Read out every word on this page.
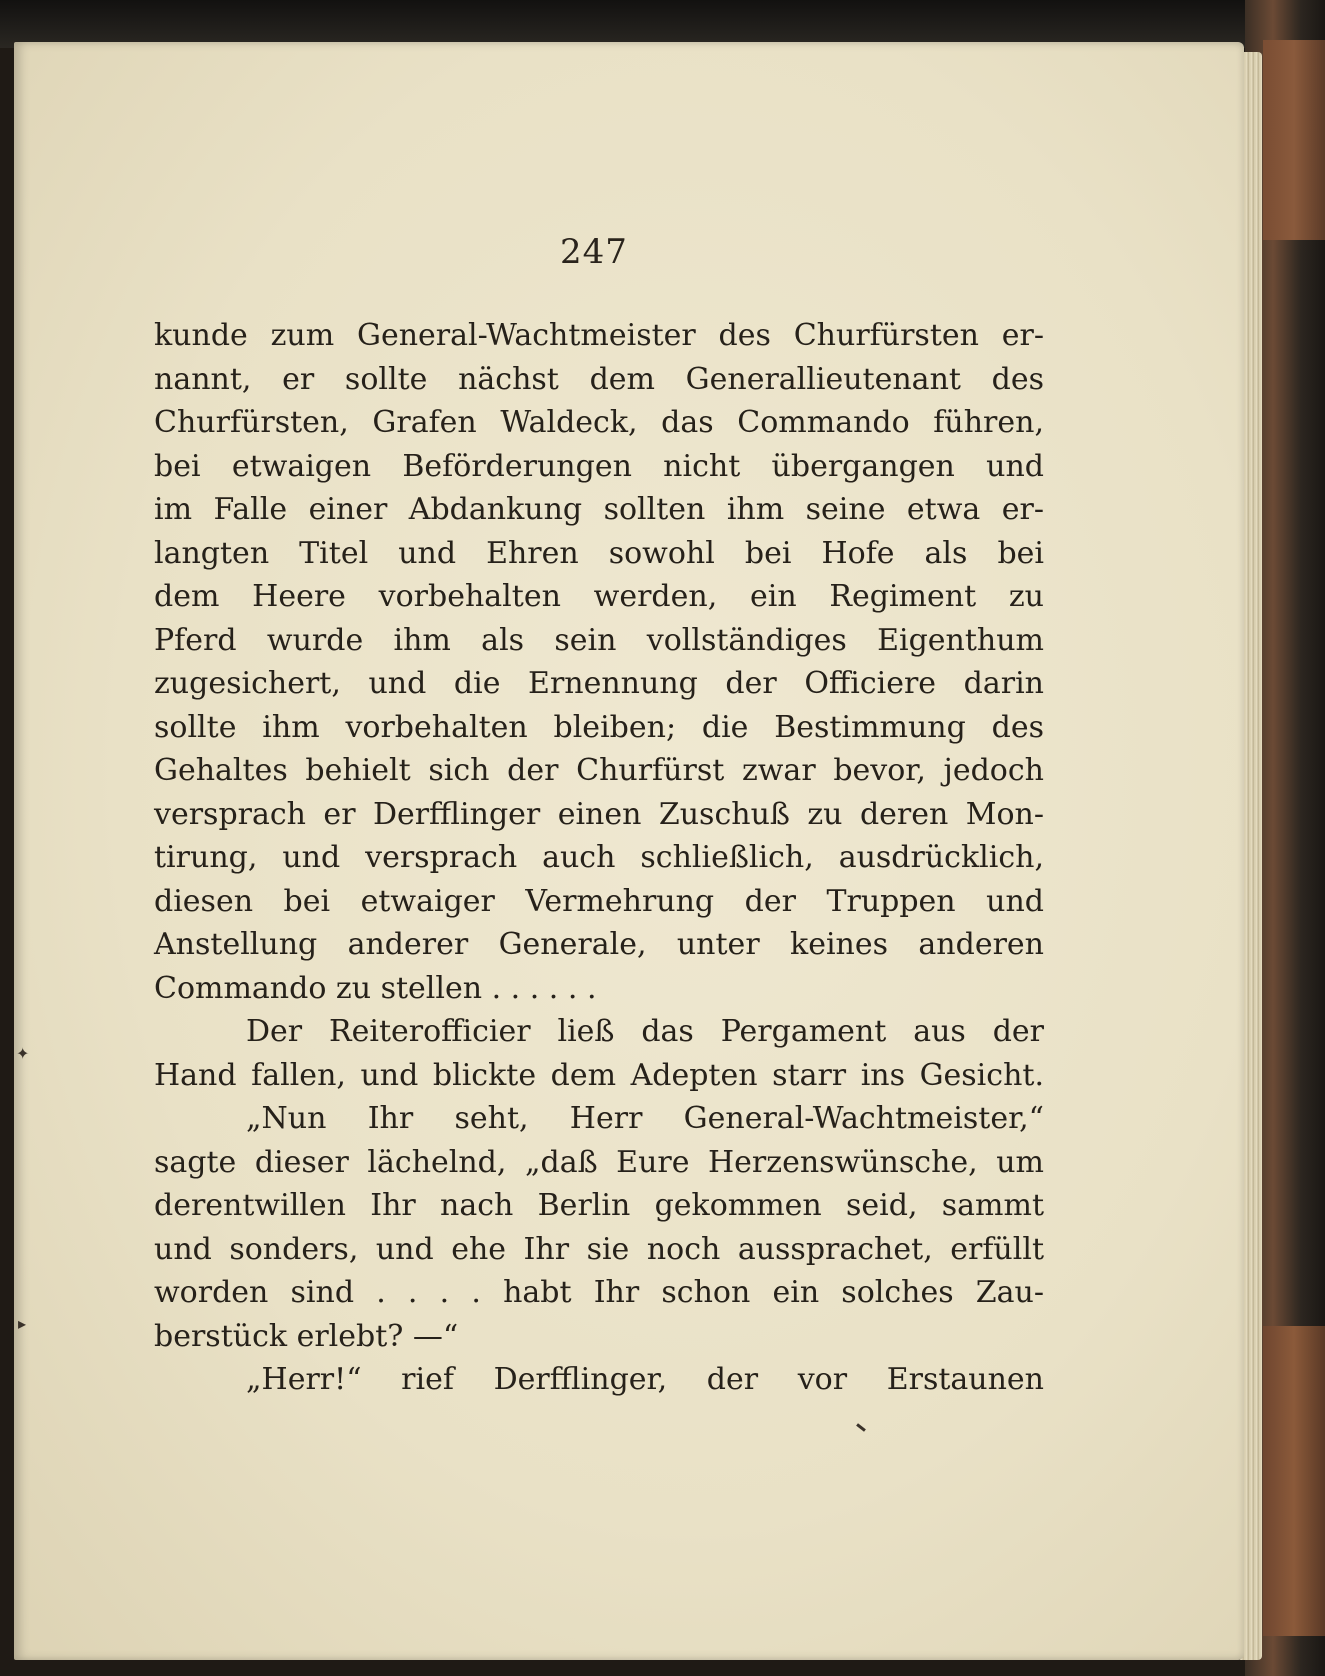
247
kunde zum General-Wachtmeister des Churfürsten er-
nannt, er sollte nächst dem Generallieutenant des
Churfürsten, Grafen Waldeck, das Commando führen,
bei etwaigen Beförderungen nicht übergangen und
im Falle einer Abdankung sollten ihm seine etwa er-
langten Titel und Ehren sowohl bei Hofe als bei
dem Heere vorbehalten werden, ein Regiment zu
Pferd wurde ihm als sein vollständiges Eigenthum
zugesichert, und die Ernennung der Officiere darin
sollte ihm vorbehalten bleiben; die Bestimmung des
Gehaltes behielt sich der Churfürst zwar bevor, jedoch
versprach er Derfflinger einen Zuschuß zu deren Mon-
tirung, und versprach auch schließlich, ausdrücklich,
diesen bei etwaiger Vermehrung der Truppen und
Anstellung anderer Generale, unter keines anderen
Commando zu stellen . . . . . .
Der Reiterofficier ließ das Pergament aus der
Hand fallen, und blickte dem Adepten starr ins Gesicht.
„Nun Ihr seht, Herr General-Wachtmeister,“
sagte dieser lächelnd, „daß Eure Herzenswünsche, um
derentwillen Ihr nach Berlin gekommen seid, sammt
und sonders, und ehe Ihr sie noch aussprachet, erfüllt
worden sind . . . . habt Ihr schon ein solches Zau-
berstück erlebt? —“
„Herr!“ rief Derfflinger, der vor Erstaunen
✦
▸
